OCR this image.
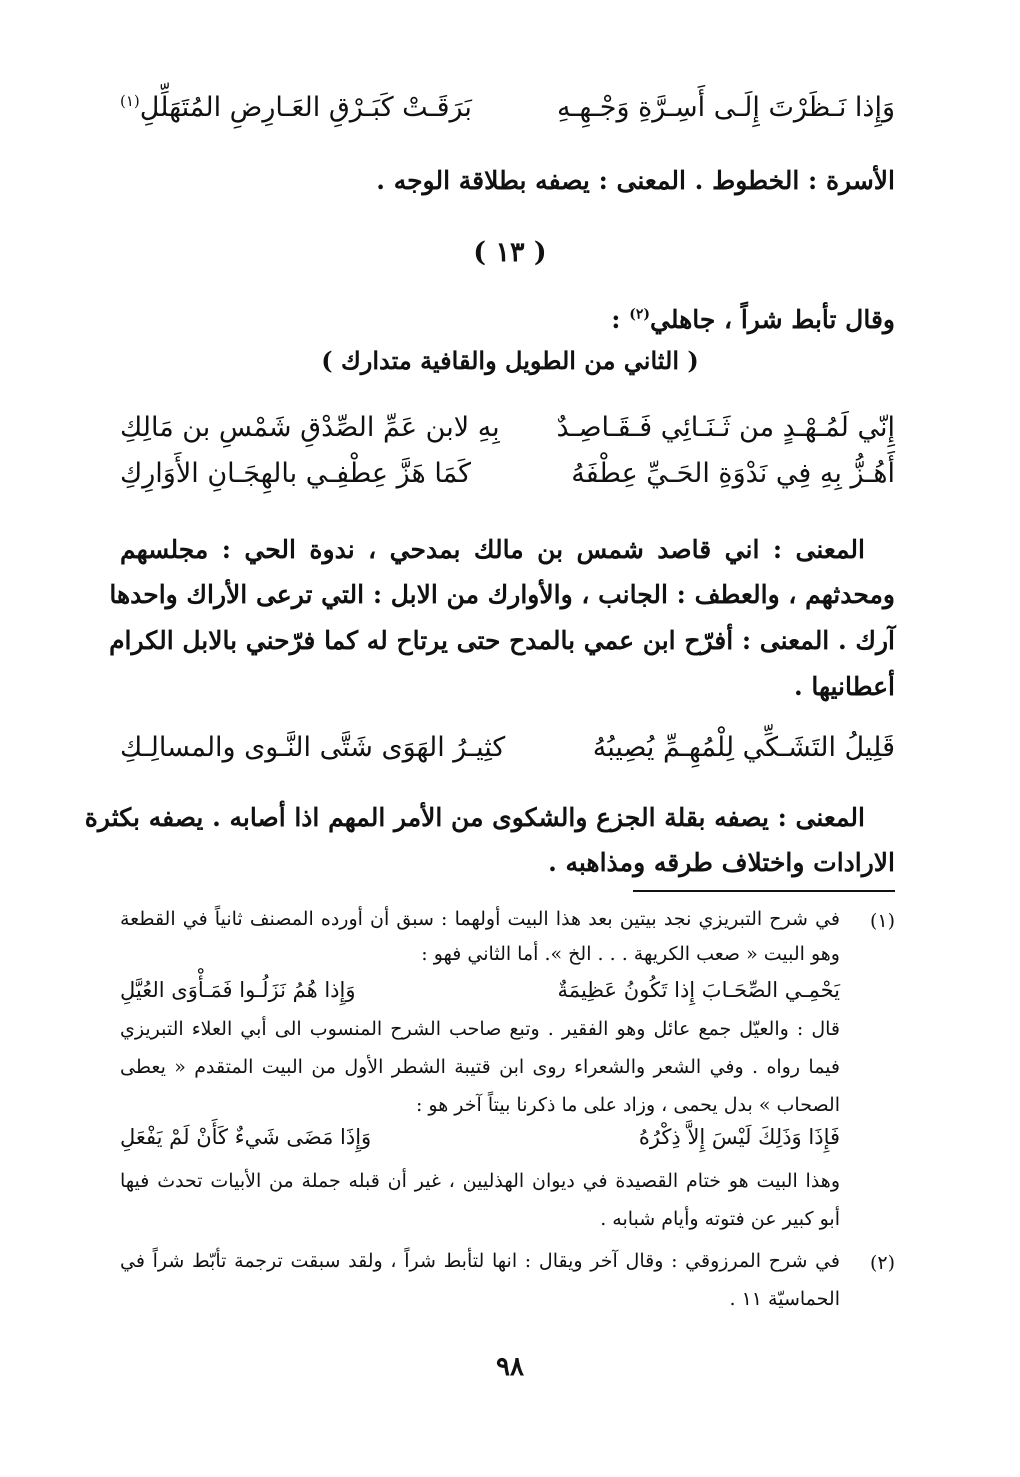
وَإِذا نَـظَرْتَ إِلَـى أَسِـرَّةِ وَجْـهِـهِ
بَرَقَـتْ كَبَـرْقِ العَـارِضِ المُتَهَلِّلِ$^{(١)}$
الأسرة : الخطوط . المعنى : يصفه بطلاقة الوجه .
( ١٣ )
وقال تأبط شراً ، جاهلي$^{(٢)}$ :
( الثاني من الطويل والقافية متدارك )
إِنّي لَمُـهْـدٍ من ثَـنَـائِي فَـقَـاصِـدٌ
بِهِ لابن عَمِّ الصِّدْقِ شَمْسِ بن مَالِكِ
أَهُـزُّ بِهِ فِي نَدْوَةِ الحَـيِّ عِطْفَهُ
كَمَا هَزَّ عِطْفِـي بالهِجَـانِ الأَوَارِكِ
المعنى : اني قاصد شمس بن مالك بمدحي ، ندوة الحي : مجلسهم
ومحدثهم ، والعطف : الجانب ، والأوارك من الابل : التي ترعى الأراك واحدها
آرك . المعنى : أفرّح ابن عمي بالمدح حتى يرتاح له كما فرّحني بالابل الكرام
أعطانيها .
قَلِيلُ التَشَـكِّي لِلْمُهِـمِّ يُصِيبُهُ
كثِيـرُ الهَوَى شَتَّى النَّـوى والمسالِـكِ
المعنى : يصفه بقلة الجزع والشكوى من الأمر المهم اذا أصابه . يصفه بكثرة
الارادات واختلاف طرقه ومذاهبه .
(١)
في شرح التبريزي نجد بيتين بعد هذا البيت أولهما : سبق أن أورده المصنف ثانياً في القطعة
وهو البيت « صعب الكريهة . . . الخ ». أما الثاني فهو :
يَحْمِـي الصِّحَـابَ إِذا تَكُونُ عَظِيمَةٌ
وَإِذا هُمُ نَزَلُـوا فَمَـأْوَى العُيَّلِ
قال : والعيّل جمع عائل وهو الفقير . وتبع صاحب الشرح المنسوب الى أبي العلاء التبريزي
فيما رواه . وفي الشعر والشعراء روى ابن قتيبة الشطر الأول من البيت المتقدم « يعطى
الصحاب » بدل يحمى ، وزاد على ما ذكرنا بيتاً آخر هو :
فَإِذَا وَذَلِكَ لَيْسَ إِلاَّ ذِكْرُهُ
وَإِذَا مَضَى شَيءٌ كَأَنْ لَمْ يَفْعَلِ
وهذا البيت هو ختام القصيدة في ديوان الهذليين ، غير أن قبله جملة من الأبيات تحدث فيها
أبو كبير عن فتوته وأيام شبابه .
(٢)
في شرح المرزوقي : وقال آخر ويقال : انها لتأبط شراً ، ولقد سبقت ترجمة تأبّط شراً في
الحماسيّة ١١ .
٩٨
